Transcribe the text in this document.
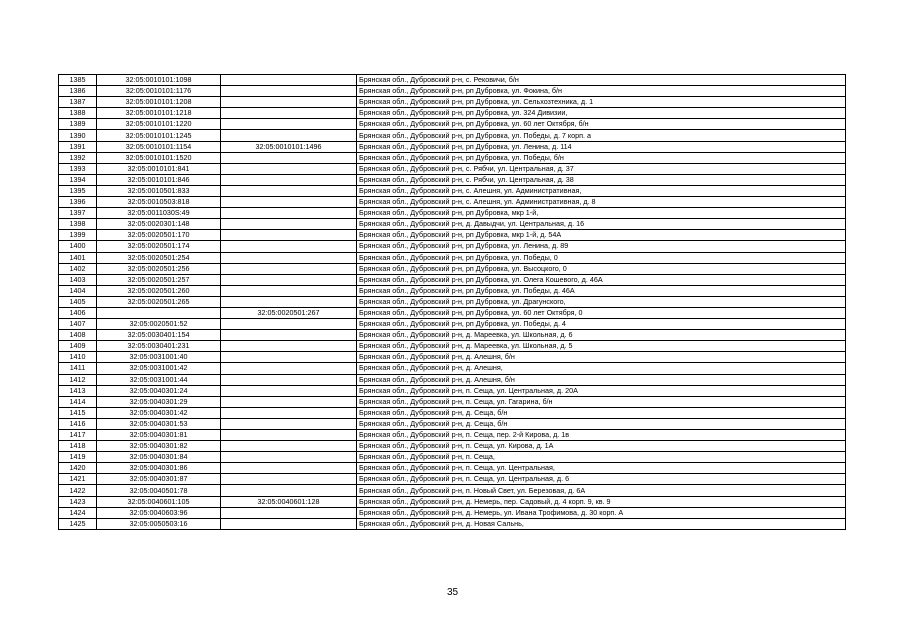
1385	32:05:0010101:1098		Брянская обл., Дубровский р-н, с. Рековичи, б/н
1386	32:05:0010101:1176		Брянская обл., Дубровский р-н, рп Дубровка, ул. Фокина, б/н
1387	32:05:0010101:1208		Брянская обл., Дубровский р-н, рп Дубровка, ул. Сельхозтехника, д. 1
1388	32:05:0010101:1218		Брянская обл., Дубровский р-н, рп Дубровка, ул. 324 Дивизии,
1389	32:05:0010101:1220		Брянская обл., Дубровский р-н, рп Дубровка, ул. 60 лет Октября, б/н
1390	32:05:0010101:1245		Брянская обл., Дубровский р-н, рп Дубровка, ул. Победы, д. 7 корп. а
1391	32:05:0010101:1154	32:05:0010101:1496	Брянская обл., Дубровский р-н, рп Дубровка, ул. Ленина, д. 114
1392	32:05:0010101:1520		Брянская обл., Дубровский р-н, рп Дубровка, ул. Победы, б/н
1393	32:05:0010101:841		Брянская обл., Дубровский р-н, с. Рябчи, ул. Центральная, д. 37
1394	32:05:0010101:846		Брянская обл., Дубровский р-н, с. Рябчи, ул. Центральная, д. 38
1395	32:05:0010501:833		Брянская обл., Дубровский р-н, с. Алешня, ул. Административная,
1396	32:05:0010503:818		Брянская обл., Дубровский р-н, с. Алешня, ул. Административная, д. 8
1397	32:05:0011030S:49		Брянская обл., Дубровский р-н, рп Дубровка, мкр 1-й,
1398	32:05:0020301:148		Брянская обл., Дубровский р-н, д. Давыдчи, ул. Центральная, д. 16
1399	32:05:0020501:170		Брянская обл., Дубровский р-н, рп Дубровка, мкр 1-й, д. 54А
1400	32:05:0020501:174		Брянская обл., Дубровский р-н, рп Дубровка, ул. Ленина, д. 89
1401	32:05:0020501:254		Брянская обл., Дубровский р-н, рп Дубровка, ул. Победы, 0
1402	32:05:0020501:256		Брянская обл., Дубровский р-н, рп Дубровка, ул. Высоцкого, 0
1403	32:05:0020501:257		Брянская обл., Дубровский р-н, рп Дубровка, ул. Олега Кошевого, д. 46А
1404	32:05:0020501:260		Брянская обл., Дубровский р-н, рп Дубровка, ул. Победы, д. 46А
1405	32:05:0020501:265		Брянская обл., Дубровский р-н, рп Дубровка, ул. Драгунского,
1406		32:05:0020501:267	Брянская обл., Дубровский р-н, рп Дубровка, ул. 60 лет Октября, 0
1407	32:05:0020501:52		Брянская обл., Дубровский р-н, рп Дубровка, ул. Победы, д. 4
1408	32:05:0030401:154		Брянская обл., Дубровский р-н, д. Мареевка, ул. Школьная, д. 6
1409	32:05:0030401:231		Брянская обл., Дубровский р-н, д. Мареевка, ул. Школьная, д. 5
1410	32:05:0031001:40		Брянская обл., Дубровский р-н, д. Алешня, б/н
1411	32:05:0031001:42		Брянская обл., Дубровский р-н, д. Алешня,
1412	32:05:0031001:44		Брянская обл., Дубровский р-н, д. Алешня, б/н
1413	32:05:0040301:24		Брянская обл., Дубровский р-н, п. Сеща, ул. Центральная, д. 20А
1414	32:05:0040301:29		Брянская обл., Дубровский р-н, п. Сеща, ул. Гагарина, б/н
1415	32:05:0040301:42		Брянская обл., Дубровский р-н, д. Сеща, б/н
1416	32:05:0040301:53		Брянская обл., Дубровский р-н, д. Сеща, б/н
1417	32:05:0040301:81		Брянская обл., Дубровский р-н, п. Сеща, пер. 2-й Кирова, д. 1в
1418	32:05:0040301:82		Брянская обл., Дубровский р-н, п. Сеща, ул. Кирова, д. 1А
1419	32:05:0040301:84		Брянская обл., Дубровский р-н, п. Сеща,
1420	32:05:0040301:86		Брянская обл., Дубровский р-н, п. Сеща, ул. Центральная,
1421	32:05:0040301:87		Брянская обл., Дубровский р-н, п. Сеща, ул. Центральная, д. 6
1422	32:05:0040501:78		Брянская обл., Дубровский р-н, п. Новый Свет, ул. Березовая, д. 6А
1423	32:05:0040601:105	32:05:0040601:128	Брянская обл., Дубровский р-н, д. Немерь, пер. Садовый, д. 4 корп. 9, кв. 9
1424	32:05:0040603:96		Брянская обл., Дубровский р-н, д. Немерь, ул. Ивана Трофимова, д. 30 корп. А
1425	32:05:0050503:16		Брянская обл., Дубровский р-н, д. Новая Сальнь,
35
